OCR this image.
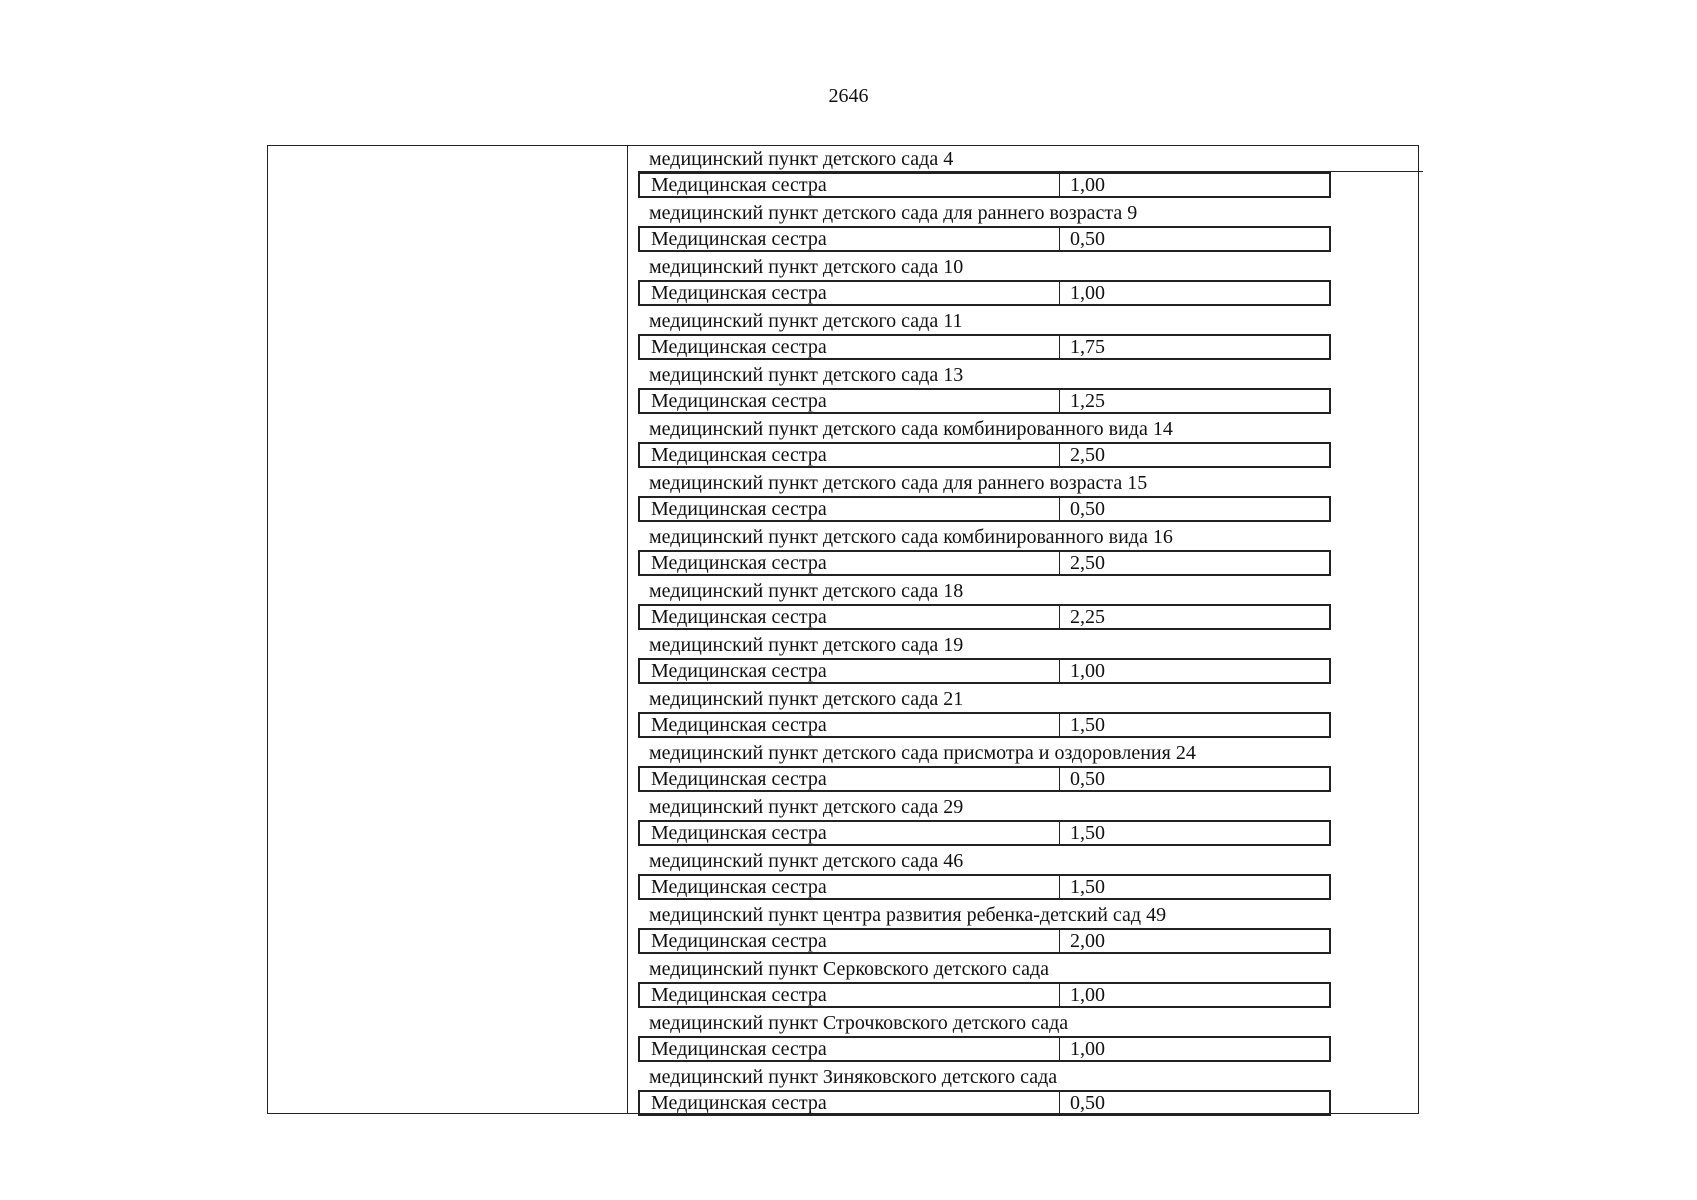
2646
медицинский пункт детского сада 4
Медицинская сестра	1,00
медицинский пункт детского сада для раннего возраста 9
Медицинская сестра	0,50
медицинский пункт детского сада 10
Медицинская сестра	1,00
медицинский пункт детского сада 11
Медицинская сестра	1,75
медицинский пункт детского сада 13
Медицинская сестра	1,25
медицинский пункт детского сада комбинированного вида 14
Медицинская сестра	2,50
медицинский пункт детского сада для раннего возраста 15
Медицинская сестра	0,50
медицинский пункт детского сада комбинированного вида 16
Медицинская сестра	2,50
медицинский пункт детского сада 18
Медицинская сестра	2,25
медицинский пункт детского сада 19
Медицинская сестра	1,00
медицинский пункт детского сада 21
Медицинская сестра	1,50
медицинский пункт детского сада присмотра и оздоровления 24
Медицинская сестра	0,50
медицинский пункт детского сада 29
Медицинская сестра	1,50
медицинский пункт детского сада 46
Медицинская сестра	1,50
медицинский пункт центра развития ребенка-детский сад 49
Медицинская сестра	2,00
медицинский пункт Серковского детского сада
Медицинская сестра	1,00
медицинский пункт Строчковского детского сада
Медицинская сестра	1,00
медицинский пункт Зиняковского детского сада
Медицинская сестра	0,50
